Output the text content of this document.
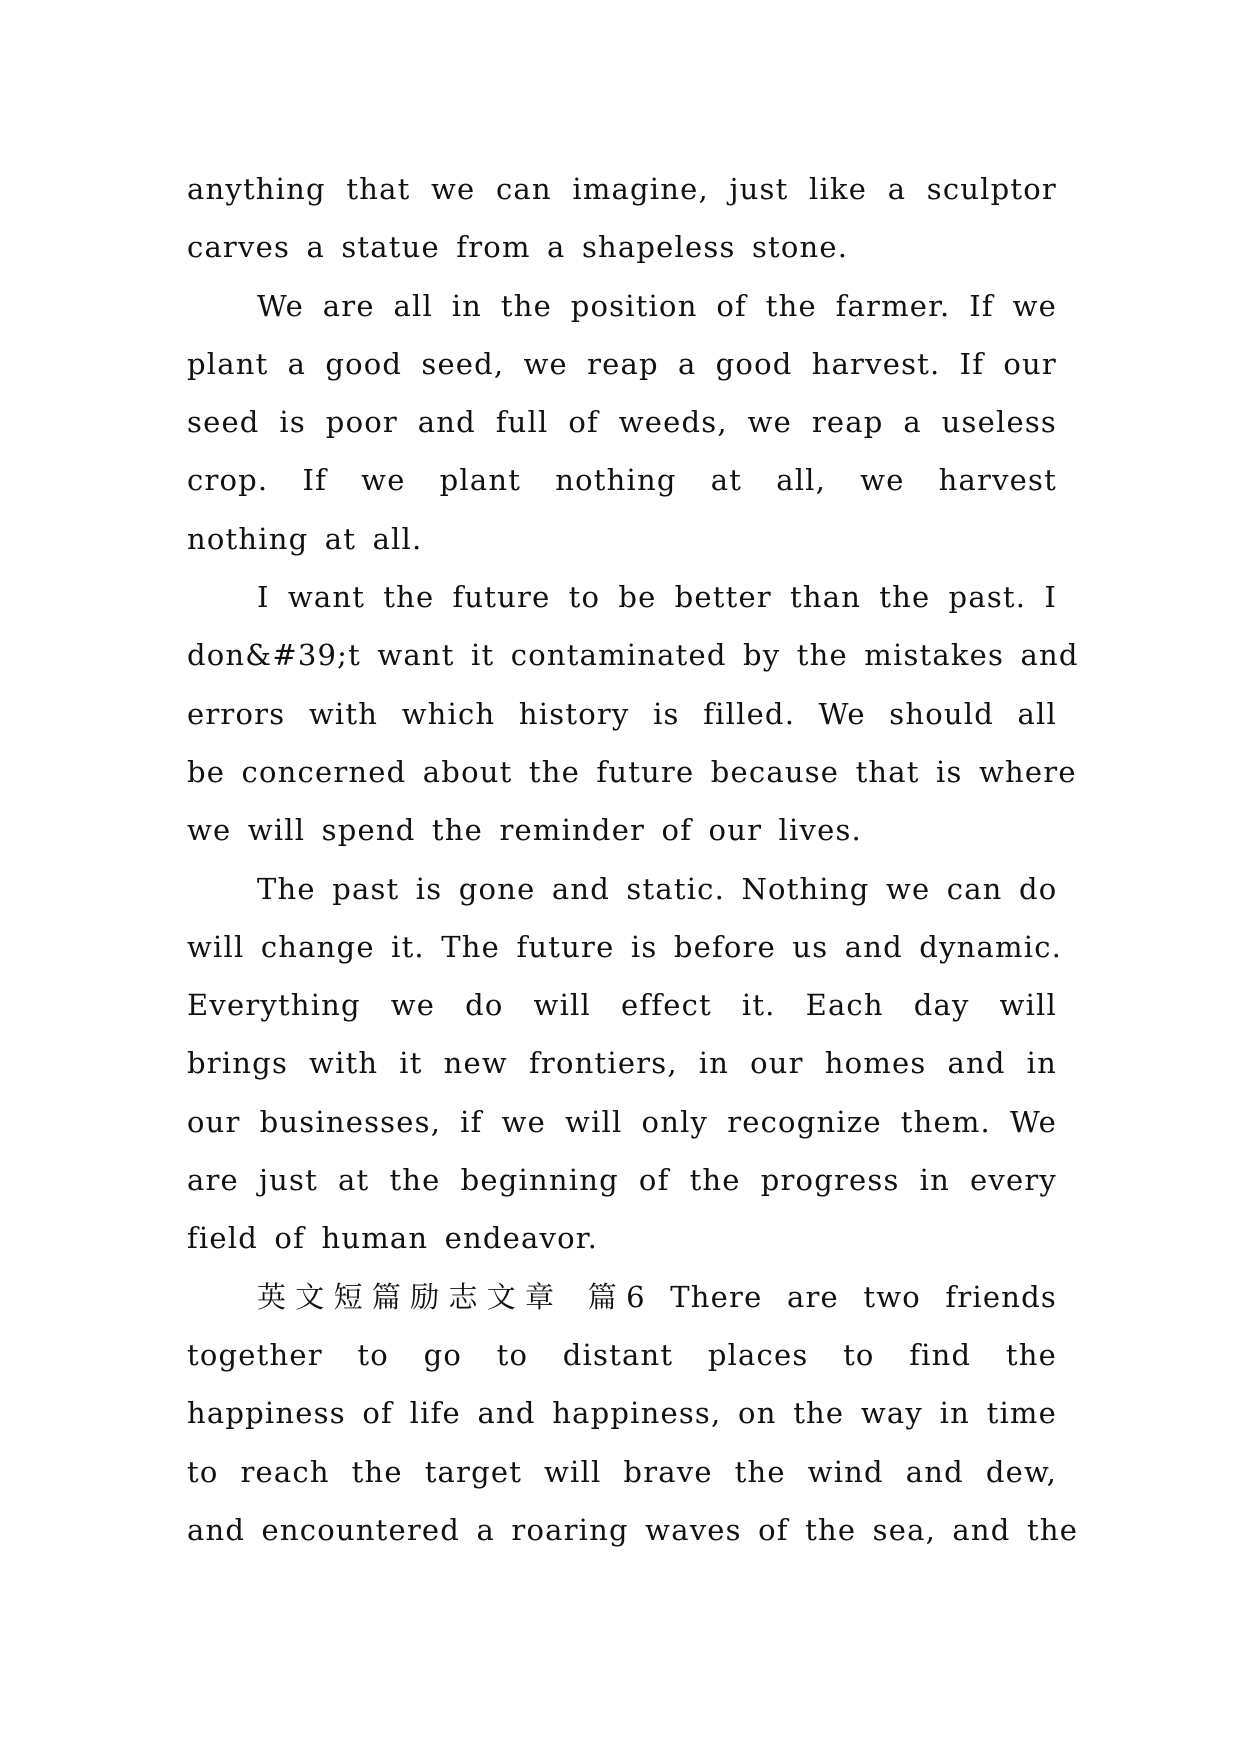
anything that we can imagine, just like a sculptor
carves a statue from a shapeless stone.
We are all in the position of the farmer. If we
plant a good seed, we reap a good harvest. If our
seed is poor and full of weeds, we reap a useless
crop. If we plant nothing at all, we harvest
nothing at all.
I want the future to be better than the past. I
don&#39;t want it contaminated by the mistakes and
errors with which history is filled. We should all
be concerned about the future because that is where
we will spend the reminder of our lives.
The past is gone and static. Nothing we can do
will change it. The future is before us and dynamic.
Everything we do will effect it. Each day will
brings with it new frontiers, in our homes and in
our businesses, if we will only recognize them. We
are just at the beginning of the progress in every
field of human endeavor.
英文短篇励志文章 篇6 There are two friends
together to go to distant places to find the
happiness of life and happiness, on the way in time
to reach the target will brave the wind and dew,
and encountered a roaring waves of the sea, and the
